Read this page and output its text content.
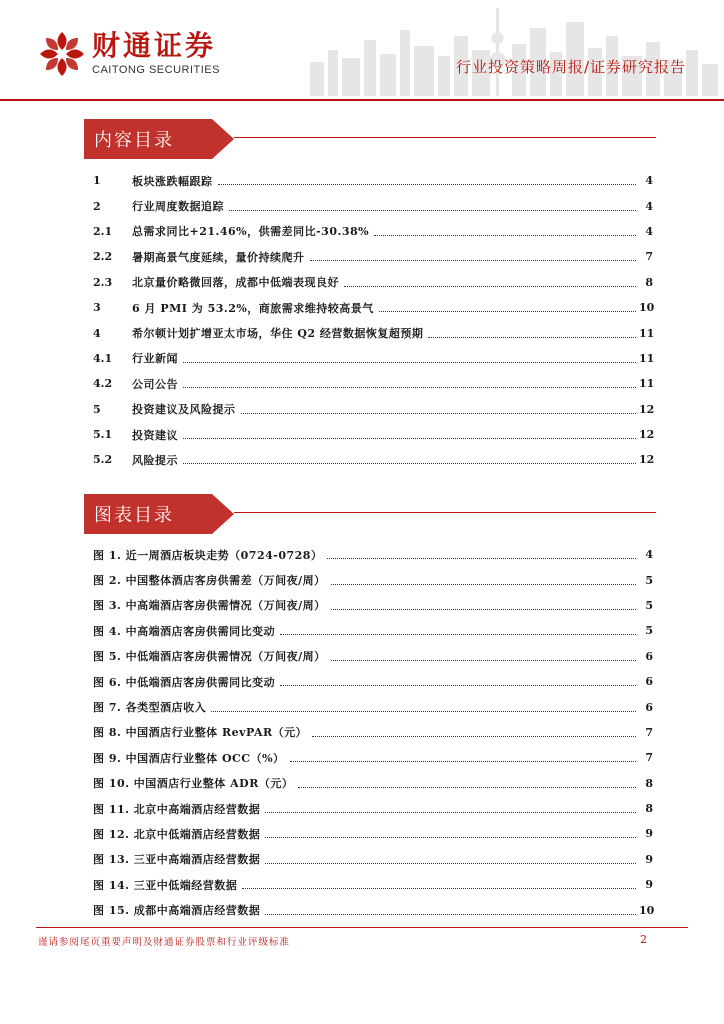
财通证券
CAITONG SECURITIES	行业投资策略周报/证券研究报告
内容目录
1	板块涨跌幅跟踪	4
2	行业周度数据追踪	4
2.1	总需求同比+21.46%，供需差同比-30.38%	4
2.2	暑期高景气度延续，量价持续爬升	7
2.3	北京量价略微回落，成都中低端表现良好	8
3	6 月 PMI 为 53.2%，商旅需求维持较高景气	10
4	希尔顿计划扩增亚太市场，华住 Q2 经营数据恢复超预期	11
4.1	行业新闻	11
4.2	公司公告	11
5	投资建议及风险提示	12
5.1	投资建议	12
5.2	风险提示	12
图表目录
图 1. 近一周酒店板块走势（0724-0728）	4
图 2. 中国整体酒店客房供需差（万间夜/周）	5
图 3. 中高端酒店客房供需情况（万间夜/周）	5
图 4. 中高端酒店客房供需同比变动	5
图 5. 中低端酒店客房供需情况（万间夜/周）	6
图 6. 中低端酒店客房供需同比变动	6
图 7. 各类型酒店收入	6
图 8. 中国酒店行业整体 RevPAR（元）	7
图 9. 中国酒店行业整体 OCC（%）	7
图 10. 中国酒店行业整体 ADR（元）	8
图 11. 北京中高端酒店经营数据	8
图 12. 北京中低端酒店经营数据	9
图 13. 三亚中高端酒店经营数据	9
图 14. 三亚中低端经营数据	9
图 15. 成都中高端酒店经营数据	10
谨请参阅尾页重要声明及财通证券股票和行业评级标准	2
